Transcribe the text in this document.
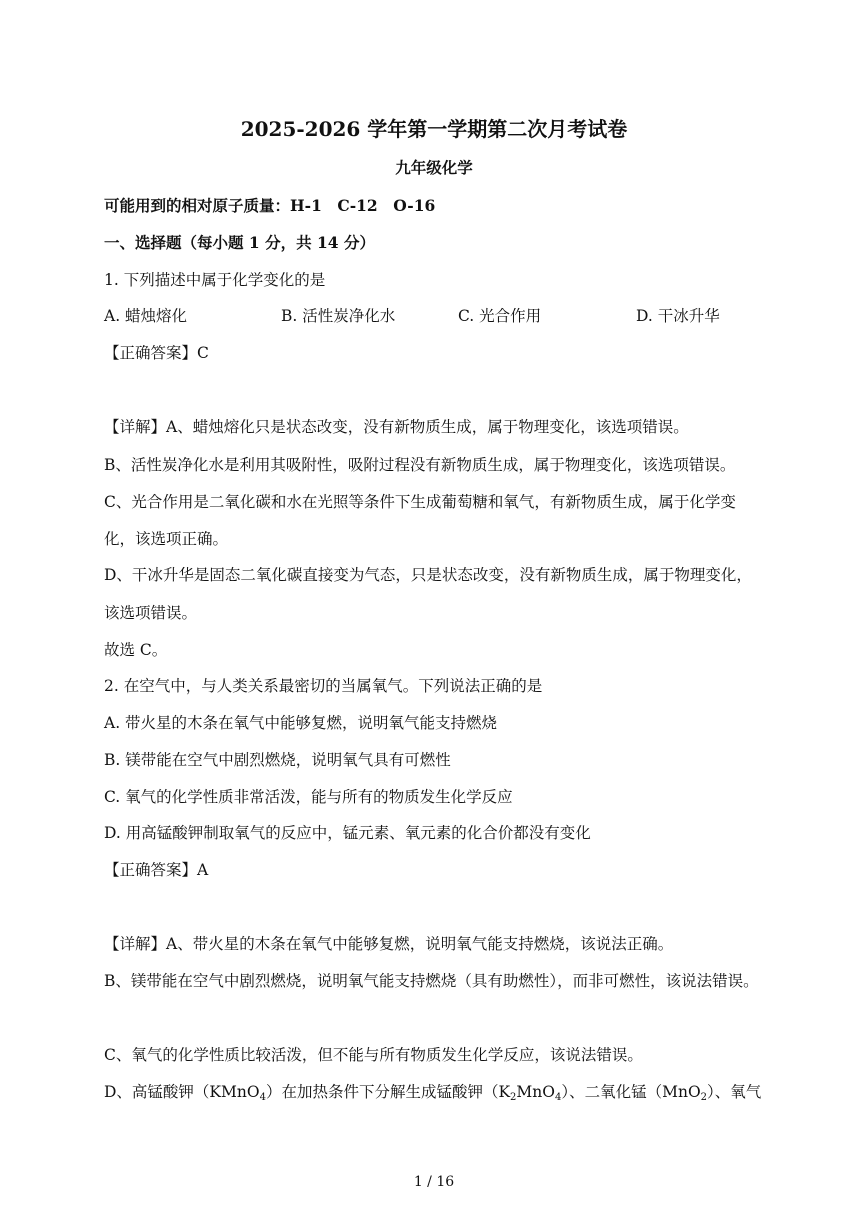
2025-2026 学年第一学期第二次月考试卷
九年级化学
可能用到的相对原子质量：H-1　C-12　O-16
一、选择题（每小题 1 分，共 14 分）
1. 下列描述中属于化学变化的是
A. 蜡烛熔化	B. 活性炭净化水	C. 光合作用	D. 干冰升华
【正确答案】C
【详解】A、蜡烛熔化只是状态改变，没有新物质生成，属于物理变化，该选项错误。
B、活性炭净化水是利用其吸附性，吸附过程没有新物质生成，属于物理变化，该选项错误。
C、光合作用是二氧化碳和水在光照等条件下生成葡萄糖和氧气，有新物质生成，属于化学变
化，该选项正确。
D、干冰升华是固态二氧化碳直接变为气态，只是状态改变，没有新物质生成，属于物理变化，
该选项错误。
故选 C。
2. 在空气中，与人类关系最密切的当属氧气。下列说法正确的是
A. 带火星的木条在氧气中能够复燃，说明氧气能支持燃烧
B. 镁带能在空气中剧烈燃烧，说明氧气具有可燃性
C. 氧气的化学性质非常活泼，能与所有的物质发生化学反应
D. 用高锰酸钾制取氧气的反应中，锰元素、氧元素的化合价都没有变化
【正确答案】A
【详解】A、带火星的木条在氧气中能够复燃，说明氧气能支持燃烧，该说法正确。
B、镁带能在空气中剧烈燃烧，说明氧气能支持燃烧（具有助燃性），而非可燃性，该说法错误。
C、氧气的化学性质比较活泼，但不能与所有物质发生化学反应，该说法错误。
D、高锰酸钾（KMnO$_4$）在加热条件下分解生成锰酸钾$(K_2MnO_4)$、二氧化锰（MnO$_2$）、氧气
1 / 16
